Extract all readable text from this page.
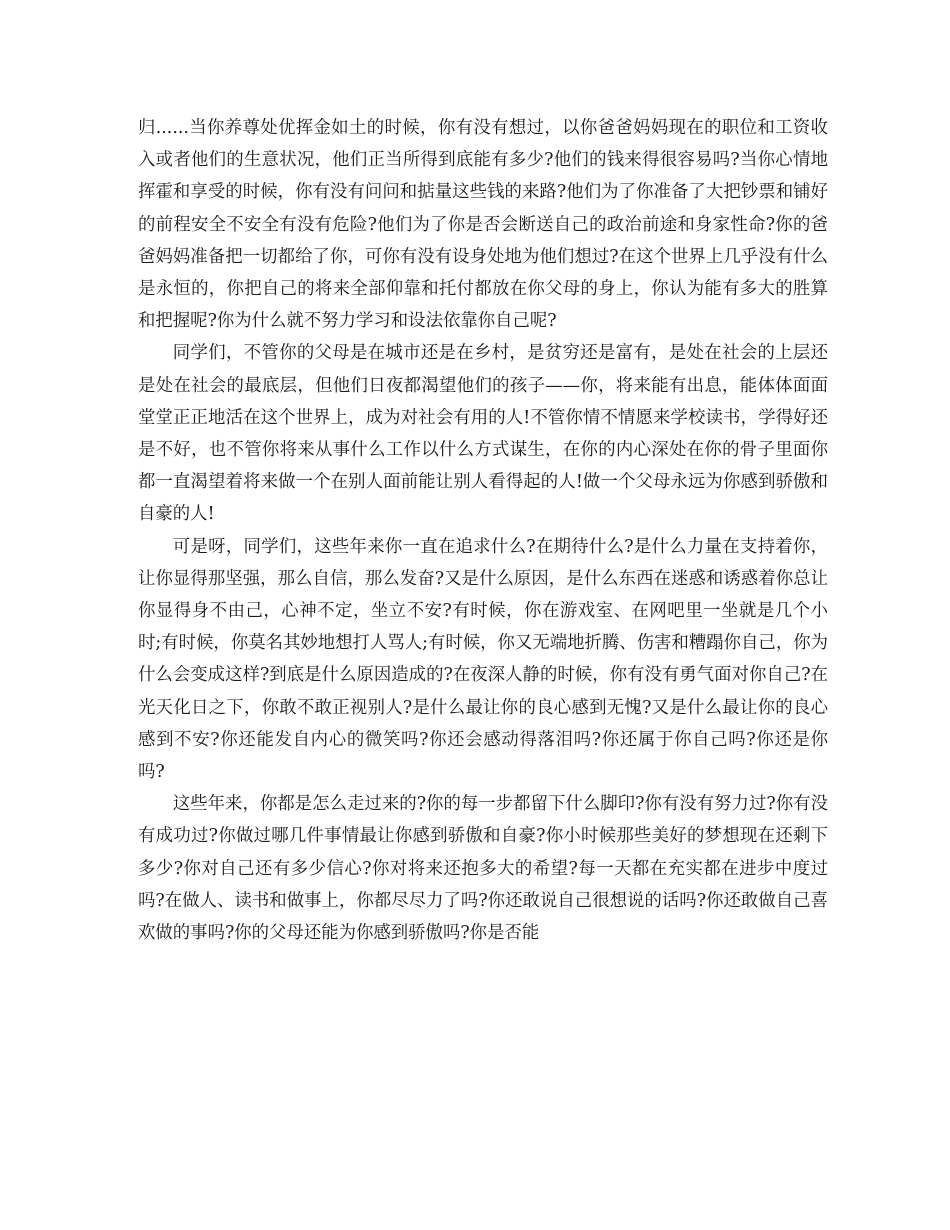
归......当你养尊处优挥金如土的时候，你有没有想过，以你爸爸妈妈现在的职位和工资收入或者他们的生意状况，他们正当所得到底能有多少?他们的钱来得很容易吗?当你心情地挥霍和享受的时候，你有没有问问和掂量这些钱的来路?他们为了你准备了大把钞票和铺好的前程安全不安全有没有危险?他们为了你是否会断送自己的政治前途和身家性命?你的爸爸妈妈准备把一切都给了你，可你有没有设身处地为他们想过?在这个世界上几乎没有什么是永恒的，你把自己的将来全部仰靠和托付都放在你父母的身上，你认为能有多大的胜算和把握呢?你为什么就不努力学习和设法依靠你自己呢?

同学们，不管你的父母是在城市还是在乡村，是贫穷还是富有，是处在社会的上层还是处在社会的最底层，但他们日夜都渴望他们的孩子——你，将来能有出息，能体体面面堂堂正正地活在这个世界上，成为对社会有用的人!不管你情不情愿来学校读书，学得好还是不好，也不管你将来从事什么工作以什么方式谋生，在你的内心深处在你的骨子里面你都一直渴望着将来做一个在别人面前能让别人看得起的人!做一个父母永远为你感到骄傲和自豪的人!

可是呀，同学们，这些年来你一直在追求什么?在期待什么?是什么力量在支持着你，让你显得那坚强，那么自信，那么发奋?又是什么原因，是什么东西在迷惑和诱惑着你总让你显得身不由己，心神不定，坐立不安?有时候，你在游戏室、在网吧里一坐就是几个小时;有时候，你莫名其妙地想打人骂人;有时候，你又无端地折腾、伤害和糟蹋你自己，你为什么会变成这样?到底是什么原因造成的?在夜深人静的时候，你有没有勇气面对你自己?在光天化日之下，你敢不敢正视别人?是什么最让你的良心感到无愧?又是什么最让你的良心感到不安?你还能发自内心的微笑吗?你还会感动得落泪吗?你还属于你自己吗?你还是你吗?

这些年来，你都是怎么走过来的?你的每一步都留下什么脚印?你有没有努力过?你有没有成功过?你做过哪几件事情最让你感到骄傲和自豪?你小时候那些美好的梦想现在还剩下多少?你对自己还有多少信心?你对将来还抱多大的希望?每一天都在充实都在进步中度过吗?在做人、读书和做事上，你都尽尽力了吗?你还敢说自己很想说的话吗?你还敢做自己喜欢做的事吗?你的父母还能为你感到骄傲吗?你是否能
